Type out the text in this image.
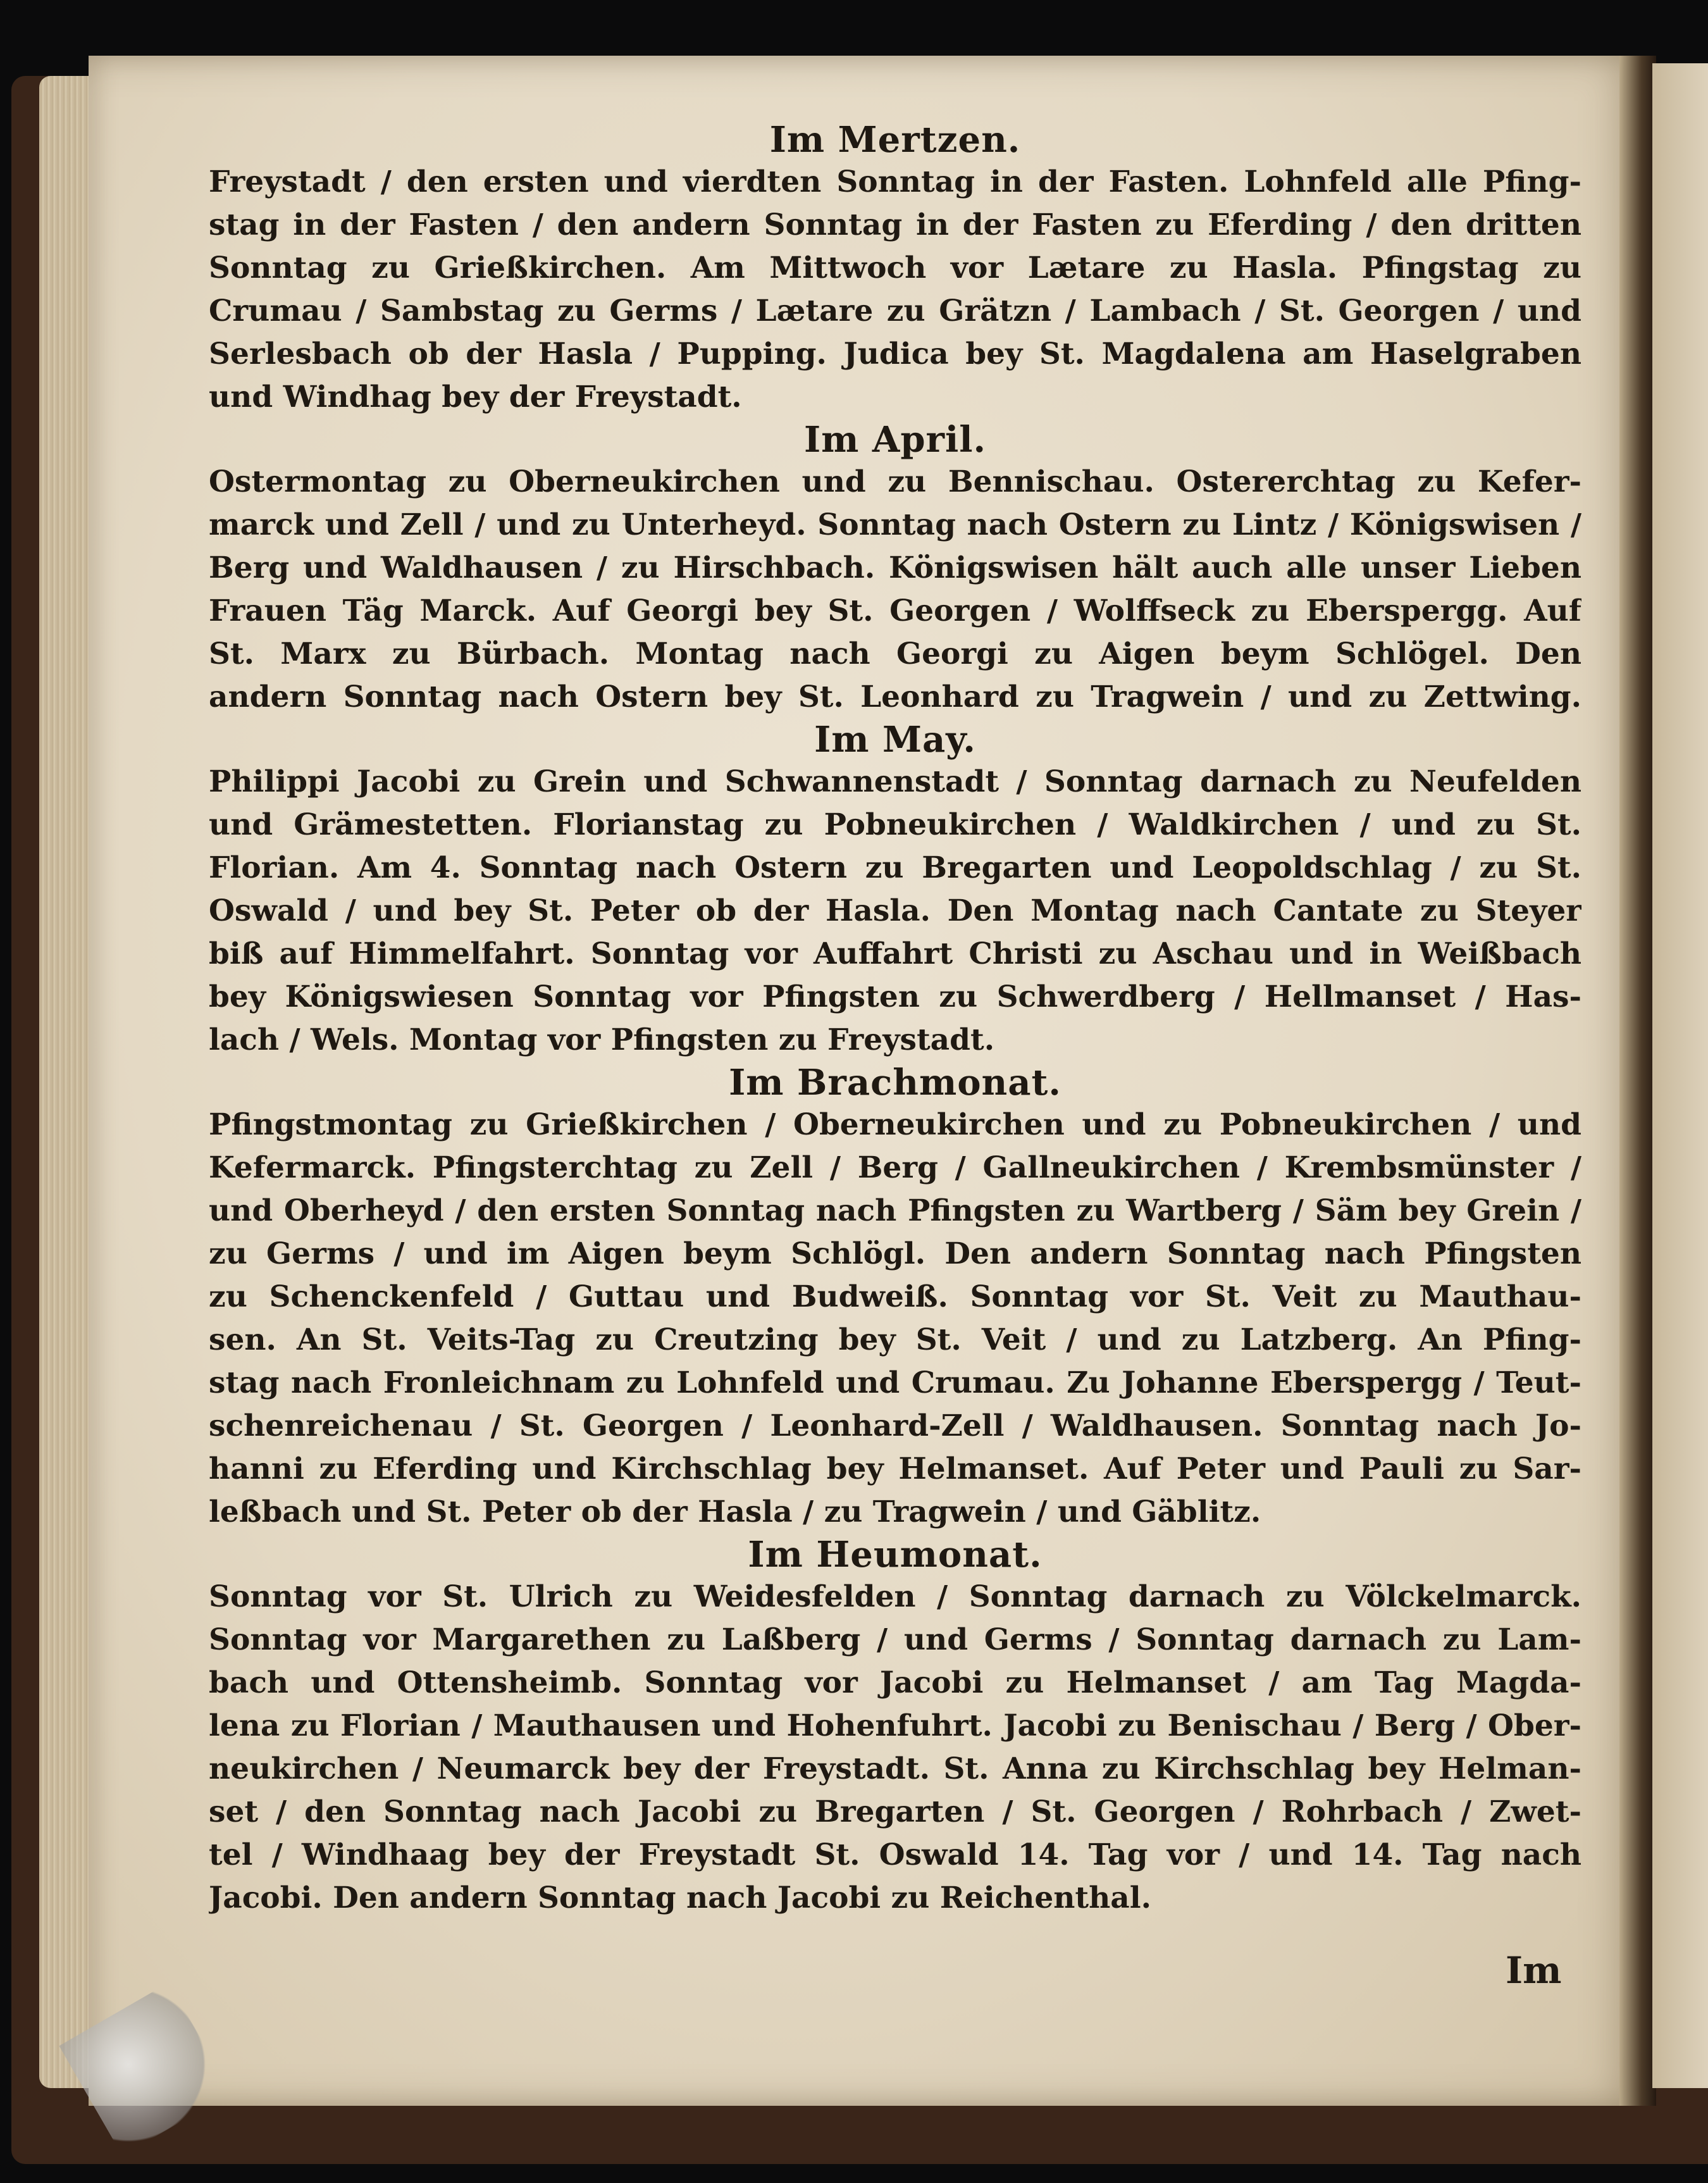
Im Mertzen.
Freystadt / den ersten und vierdten Sonntag in der Fasten. Lohnfeld alle Pfing-
stag in der Fasten / den andern Sonntag in der Fasten zu Eferding / den dritten
Sonntag zu Grießkirchen. Am Mittwoch vor Lætare zu Hasla. Pfingstag zu
Crumau / Sambstag zu Germs / Lætare zu Grätzn / Lambach / St. Georgen / und
Serlesbach ob der Hasla / Pupping. Judica bey St. Magdalena am Haselgraben
und Windhag bey der Freystadt.
Im April.
Ostermontag zu Oberneukirchen und zu Bennischau. Ostererchtag zu Kefer-
marck und Zell / und zu Unterheyd. Sonntag nach Ostern zu Lintz / Königswisen /
Berg und Waldhausen / zu Hirschbach. Königswisen hält auch alle unser Lieben
Frauen Täg Marck. Auf Georgi bey St. Georgen / Wolffseck zu Eberspergg. Auf
St. Marx zu Bürbach. Montag nach Georgi zu Aigen beym Schlögel. Den
andern Sonntag nach Ostern bey St. Leonhard zu Tragwein / und zu Zettwing.
Im May.
Philippi Jacobi zu Grein und Schwannenstadt / Sonntag darnach zu Neufelden
und Grämestetten. Florianstag zu Pobneukirchen / Waldkirchen / und zu St.
Florian. Am 4. Sonntag nach Ostern zu Bregarten und Leopoldschlag / zu St.
Oswald / und bey St. Peter ob der Hasla. Den Montag nach Cantate zu Steyer
biß auf Himmelfahrt. Sonntag vor Auffahrt Christi zu Aschau und in Weißbach
bey Königswiesen Sonntag vor Pfingsten zu Schwerdberg / Hellmanset / Has-
lach / Wels. Montag vor Pfingsten zu Freystadt.
Im Brachmonat.
Pfingstmontag zu Grießkirchen / Oberneukirchen und zu Pobneukirchen / und
Kefermarck. Pfingsterchtag zu Zell / Berg / Gallneukirchen / Krembsmünster /
und Oberheyd / den ersten Sonntag nach Pfingsten zu Wartberg / Säm bey Grein /
zu Germs / und im Aigen beym Schlögl. Den andern Sonntag nach Pfingsten
zu Schenckenfeld / Guttau und Budweiß. Sonntag vor St. Veit zu Mauthau-
sen. An St. Veits-Tag zu Creutzing bey St. Veit / und zu Latzberg. An Pfing-
stag nach Fronleichnam zu Lohnfeld und Crumau. Zu Johanne Eberspergg / Teut-
schenreichenau / St. Georgen / Leonhard-Zell / Waldhausen. Sonntag nach Jo-
hanni zu Eferding und Kirchschlag bey Helmanset. Auf Peter und Pauli zu Sar-
leßbach und St. Peter ob der Hasla / zu Tragwein / und Gäblitz.
Im Heumonat.
Sonntag vor St. Ulrich zu Weidesfelden / Sonntag darnach zu Völckelmarck.
Sonntag vor Margarethen zu Laßberg / und Germs / Sonntag darnach zu Lam-
bach und Ottensheimb. Sonntag vor Jacobi zu Helmanset / am Tag Magda-
lena zu Florian / Mauthausen und Hohenfuhrt. Jacobi zu Benischau / Berg / Ober-
neukirchen / Neumarck bey der Freystadt. St. Anna zu Kirchschlag bey Helman-
set / den Sonntag nach Jacobi zu Bregarten / St. Georgen / Rohrbach / Zwet-
tel / Windhaag bey der Freystadt St. Oswald 14. Tag vor / und 14. Tag nach
Jacobi. Den andern Sonntag nach Jacobi zu Reichenthal.
Im
